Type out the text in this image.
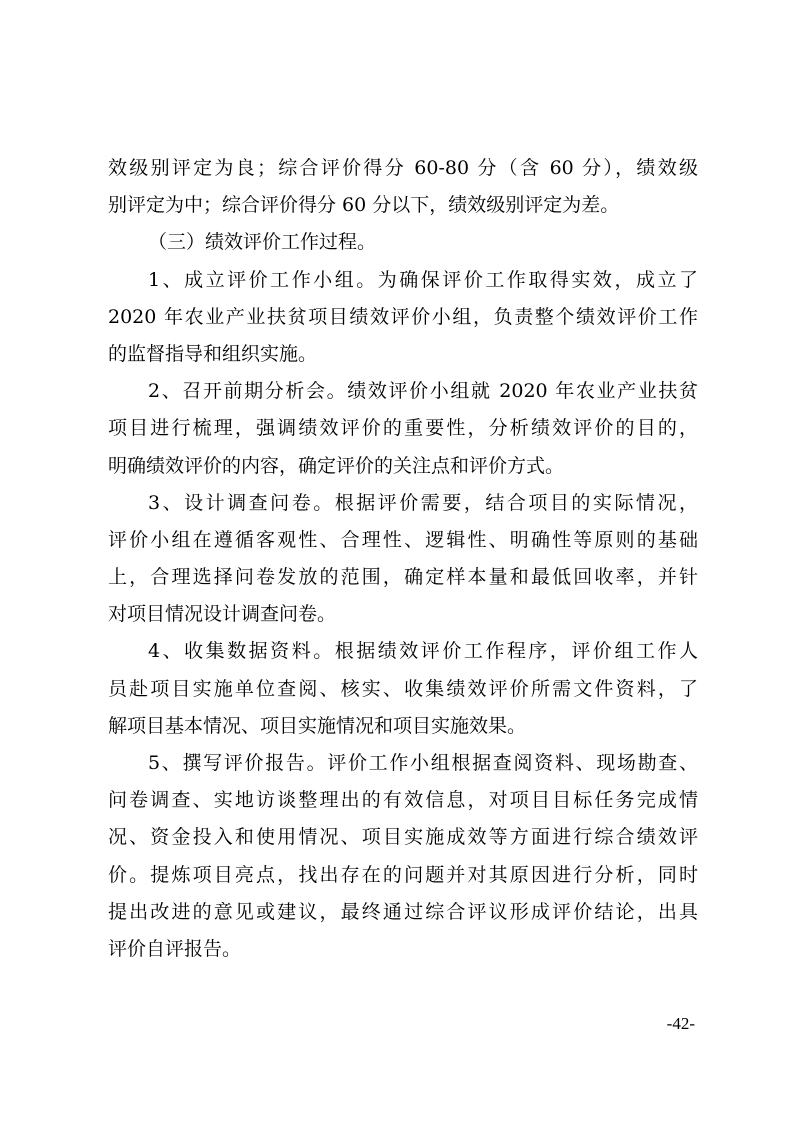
效级别评定为良；综合评价得分 60-80 分（含 60 分），绩效级
别评定为中；综合评价得分 60 分以下，绩效级别评定为差。
（三）绩效评价工作过程。
1、成立评价工作小组。为确保评价工作取得实效，成立了
2020 年农业产业扶贫项目绩效评价小组，负责整个绩效评价工作
的监督指导和组织实施。
2、召开前期分析会。绩效评价小组就 2020 年农业产业扶贫
项目进行梳理，强调绩效评价的重要性，分析绩效评价的目的，
明确绩效评价的内容，确定评价的关注点和评价方式。
3、设计调查问卷。根据评价需要，结合项目的实际情况，
评价小组在遵循客观性、合理性、逻辑性、明确性等原则的基础
上，合理选择问卷发放的范围，确定样本量和最低回收率，并针
对项目情况设计调查问卷。
4、收集数据资料。根据绩效评价工作程序，评价组工作人
员赴项目实施单位查阅、核实、收集绩效评价所需文件资料，了
解项目基本情况、项目实施情况和项目实施效果。
5、撰写评价报告。评价工作小组根据查阅资料、现场勘查、
问卷调查、实地访谈整理出的有效信息，对项目目标任务完成情
况、资金投入和使用情况、项目实施成效等方面进行综合绩效评
价。提炼项目亮点，找出存在的问题并对其原因进行分析，同时
提出改进的意见或建议，最终通过综合评议形成评价结论，出具
评价自评报告。
-42-
